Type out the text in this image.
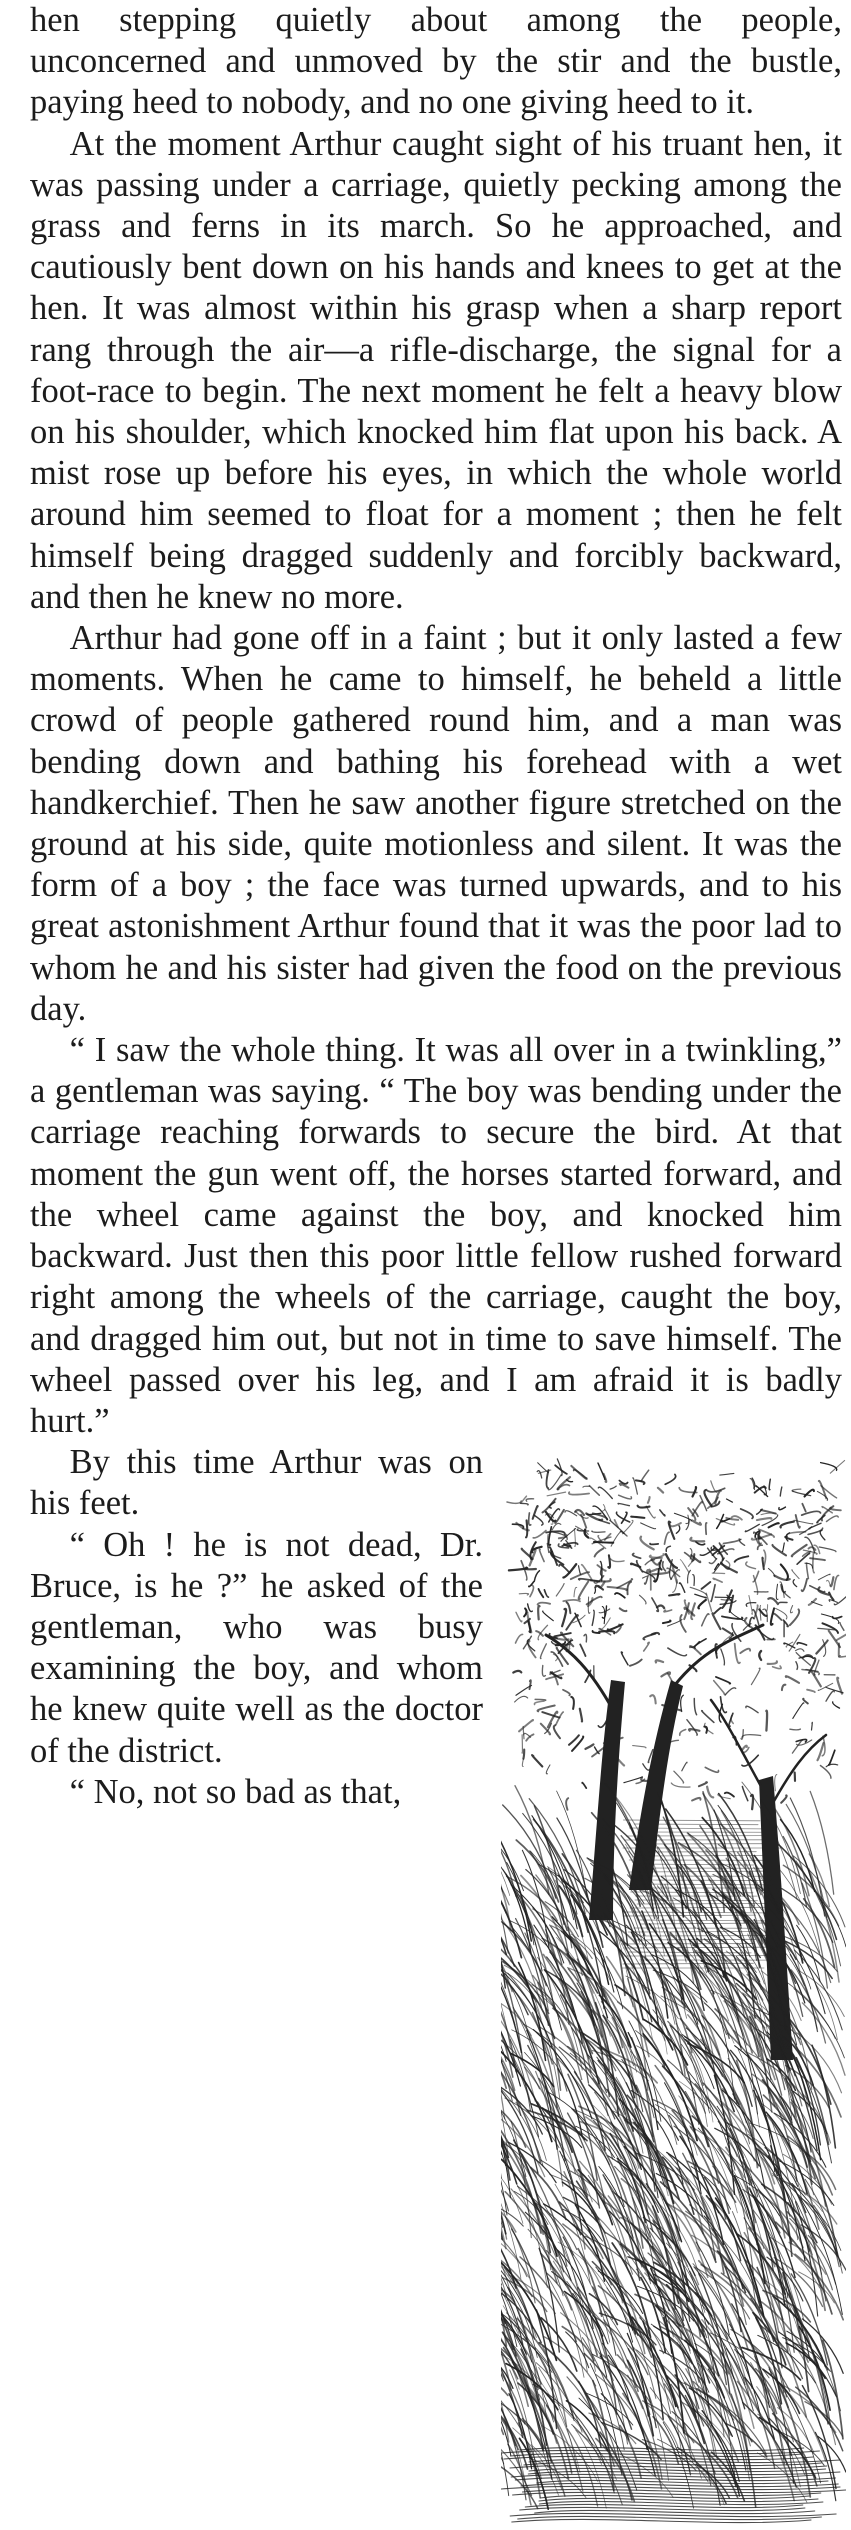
hen stepping quietly about among the people, unconcerned and unmoved by the stir and the bustle, paying heed to nobody, and no one giving heed to it.

At the moment Arthur caught sight of his truant hen, it was passing under a carriage, quietly pecking among the grass and ferns in its march. So he approached, and cautiously bent down on his hands and knees to get at the hen. It was almost within his grasp when a sharp report rang through the air—a rifle-discharge, the signal for a foot-race to begin. The next moment he felt a heavy blow on his shoulder, which knocked him flat upon his back. A mist rose up before his eyes, in which the whole world around him seemed to float for a moment ; then he felt himself being dragged suddenly and forcibly backward, and then he knew no more.

Arthur had gone off in a faint ; but it only lasted a few moments. When he came to himself, he beheld a little crowd of people gathered round him, and a man was bending down and bathing his forehead with a wet handkerchief. Then he saw another figure stretched on the ground at his side, quite motionless and silent. It was the form of a boy ; the face was turned upwards, and to his great astonishment Arthur found that it was the poor lad to whom he and his sister had given the food on the previous day.

“ I saw the whole thing. It was all over in a twinkling,” a gentleman was saying. “ The boy was bending under the carriage reaching forwards to secure the bird. At that moment the gun went off, the horses started forward, and the wheel came against the boy, and knocked him backward. Just then this poor little fellow rushed forward right among the wheels of the carriage, caught the boy, and dragged him out, but not in time to save himself. The wheel passed over his leg, and I am afraid it is badly hurt.”

By this time Arthur was on his feet.

“ Oh ! he is not dead, Dr. Bruce, is he ?” he asked of the gentleman, who was busy examining the boy, and whom he knew quite well as the doctor of the district.

“ No, not so bad as that,
